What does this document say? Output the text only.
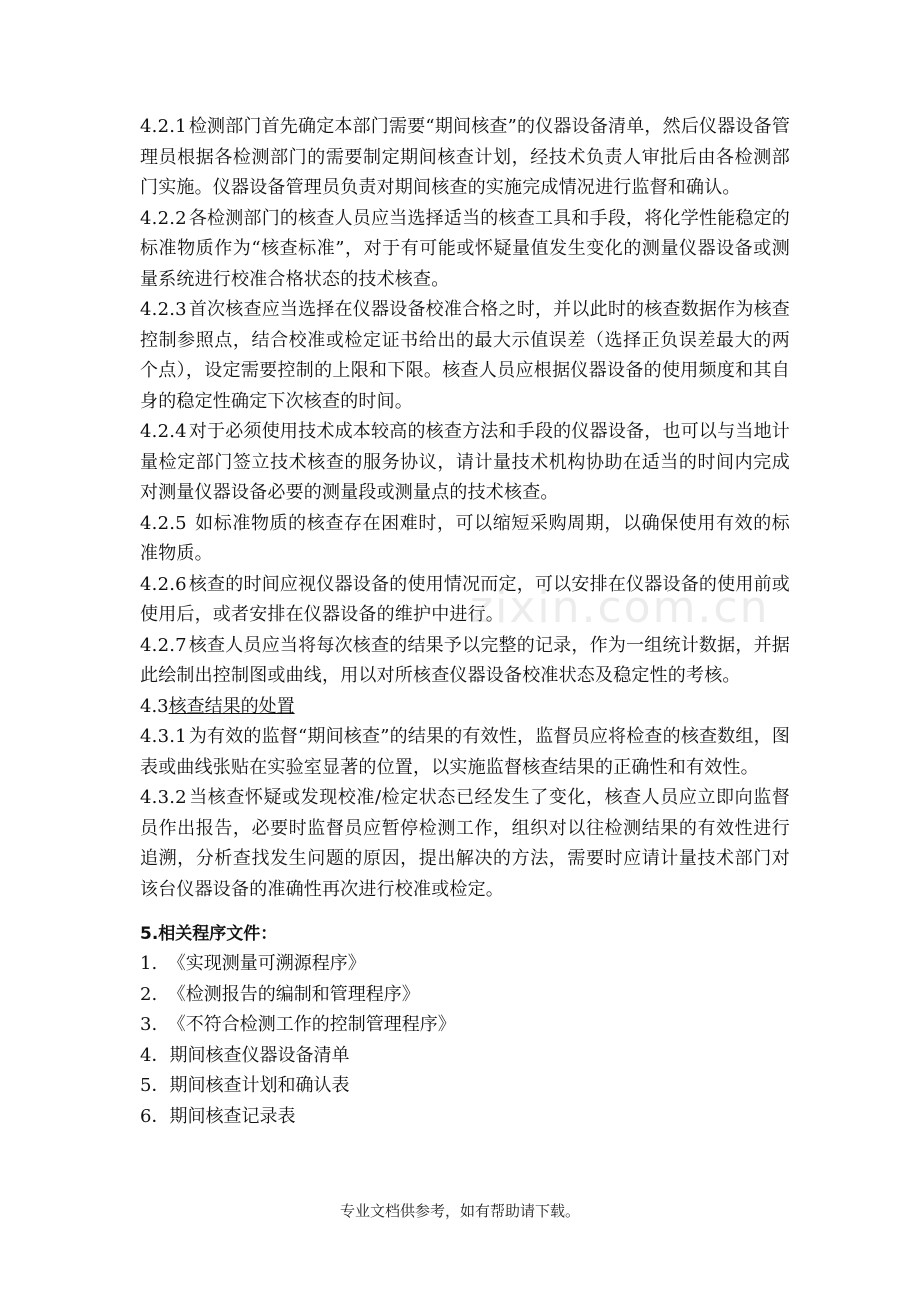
4.2.1 检测部门首先确定本部门需要“期间核查”的仪器设备清单，然后仪器设备管理员根据各检测部门的需要制定期间核查计划，经技术负责人审批后由各检测部门实施。仪器设备管理员负责对期间核查的实施完成情况进行监督和确认。

4.2.2 各检测部门的核查人员应当选择适当的核查工具和手段，将化学性能稳定的标准物质作为“核查标准”，对于有可能或怀疑量值发生变化的测量仪器设备或测量系统进行校准合格状态的技术核查。

4.2.3 首次核查应当选择在仪器设备校准合格之时，并以此时的核查数据作为核查控制参照点，结合校准或检定证书给出的最大示值误差（选择正负误差最大的两个点），设定需要控制的上限和下限。核查人员应根据仪器设备的使用频度和其自身的稳定性确定下次核查的时间。

4.2.4 对于必须使用技术成本较高的核查方法和手段的仪器设备，也可以与当地计量检定部门签立技术核查的服务协议，请计量技术机构协助在适当的时间内完成对测量仪器设备必要的测量段或测量点的技术核查。

4.2.5 如标准物质的核查存在困难时，可以缩短采购周期，以确保使用有效的标准物质。

4.2.6 核查的时间应视仪器设备的使用情况而定，可以安排在仪器设备的使用前或使用后，或者安排在仪器设备的维护中进行。

4.2.7 核查人员应当将每次核查的结果予以完整的记录，作为一组统计数据，并据此绘制出控制图或曲线，用以对所核查仪器设备校准状态及稳定性的考核。

4.3核查结果的处置

4.3.1 为有效的监督“期间核查”的结果的有效性，监督员应将检查的核查数组，图表或曲线张贴在实验室显著的位置，以实施监督核查结果的正确性和有效性。

4.3.2 当核查怀疑或发现校准/检定状态已经发生了变化，核查人员应立即向监督员作出报告，必要时监督员应暂停检测工作，组织对以往检测结果的有效性进行追溯，分析查找发生问题的原因，提出解决的方法，需要时应请计量技术部门对该台仪器设备的准确性再次进行校准或检定。

5.相关程序文件：

1. 《实现测量可溯源程序》
2. 《检测报告的编制和管理程序》
3. 《不符合检测工作的控制管理程序》
4．期间核查仪器设备清单
5．期间核查计划和确认表
6．期间核查记录表
zixin.com.cn
专业文档供参考，如有帮助请下载。
